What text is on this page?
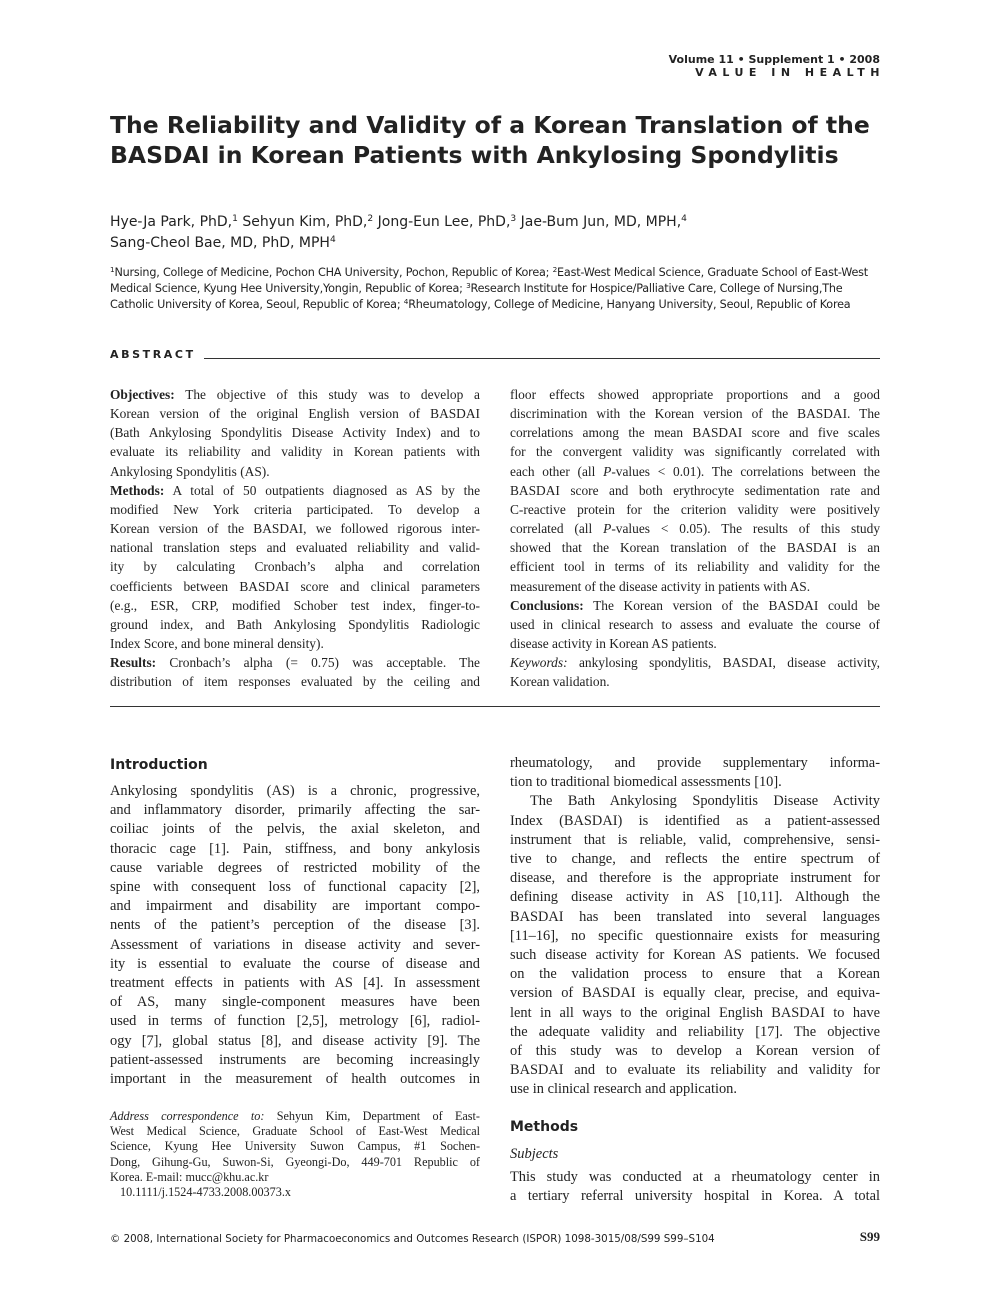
Volume 11 • Supplement 1 • 2008
VALUE IN HEALTH
The Reliability and Validity of a Korean Translation of the
BASDAI in Korean Patients with Ankylosing Spondylitis
Hye-Ja Park, PhD,$^1$ Sehyun Kim, PhD,$^2$ Jong-Eun Lee, PhD,$^3$ Jae-Bum Jun, MD, MPH,$^4$
Sang-Cheol Bae, MD, PhD, MPH$^4$
$^1$Nursing, College of Medicine, Pochon CHA University, Pochon, Republic of Korea; $^2$East-West Medical Science, Graduate School of East-West
Medical Science, Kyung Hee University,Yongin, Republic of Korea; $^3$Research Institute for Hospice/Palliative Care, College of Nursing,The
Catholic University of Korea, Seoul, Republic of Korea; $^4$Rheumatology, College of Medicine, Hanyang University, Seoul, Republic of Korea
ABSTRACT
Objectives: The objective of this study was to develop a
Korean version of the original English version of BASDAI
(Bath Ankylosing Spondylitis Disease Activity Index) and to
evaluate its reliability and validity in Korean patients with
Ankylosing Spondylitis (AS).
Methods: A total of 50 outpatients diagnosed as AS by the
modified New York criteria participated. To develop a
Korean version of the BASDAI, we followed rigorous inter-
national translation steps and evaluated reliability and valid-
ity by calculating Cronbach’s alpha and correlation
coefficients between BASDAI score and clinical parameters
(e.g., ESR, CRP, modified Schober test index, finger-to-
ground index, and Bath Ankylosing Spondylitis Radiologic
Index Score, and bone mineral density).
Results: Cronbach’s alpha (= 0.75) was acceptable. The
distribution of item responses evaluated by the ceiling and
floor effects showed appropriate proportions and a good
discrimination with the Korean version of the BASDAI. The
correlations among the mean BASDAI score and five scales
for the convergent validity was significantly correlated with
each other (all P-values < 0.01). The correlations between the
BASDAI score and both erythrocyte sedimentation rate and
C-reactive protein for the criterion validity were positively
correlated (all P-values < 0.05). The results of this study
showed that the Korean translation of the BASDAI is an
efficient tool in terms of its reliability and validity for the
measurement of the disease activity in patients with AS.
Conclusions: The Korean version of the BASDAI could be
used in clinical research to assess and evaluate the course of
disease activity in Korean AS patients.
Keywords: ankylosing spondylitis, BASDAI, disease activity,
Korean validation.
Introduction
Ankylosing spondylitis (AS) is a chronic, progressive,
and inflammatory disorder, primarily affecting the sar-
coiliac joints of the pelvis, the axial skeleton, and
thoracic cage [1]. Pain, stiffness, and bony ankylosis
cause variable degrees of restricted mobility of the
spine with consequent loss of functional capacity [2],
and impairment and disability are important compo-
nents of the patient’s perception of the disease [3].
Assessment of variations in disease activity and sever-
ity is essential to evaluate the course of disease and
treatment effects in patients with AS [4]. In assessment
of AS, many single-component measures have been
used in terms of function [2,5], metrology [6], radiol-
ogy [7], global status [8], and disease activity [9]. The
patient-assessed instruments are becoming increasingly
important in the measurement of health outcomes in
rheumatology, and provide supplementary informa-
tion to traditional biomedical assessments [10].
The Bath Ankylosing Spondylitis Disease Activity
Index (BASDAI) is identified as a patient-assessed
instrument that is reliable, valid, comprehensive, sensi-
tive to change, and reflects the entire spectrum of
disease, and therefore is the appropriate instrument for
defining disease activity in AS [10,11]. Although the
BASDAI has been translated into several languages
[11–16], no specific questionnaire exists for measuring
such disease activity for Korean AS patients. We focused
on the validation process to ensure that a Korean
version of BASDAI is equally clear, precise, and equiva-
lent in all ways to the original English BASDAI to have
the adequate validity and reliability [17]. The objective
of this study was to develop a Korean version of
BASDAI and to evaluate its reliability and validity for
use in clinical research and application.
Methods
Subjects
This study was conducted at a rheumatology center in
a tertiary referral university hospital in Korea. A total
Address correspondence to: Sehyun Kim, Department of East-
West Medical Science, Graduate School of East-West Medical
Science, Kyung Hee University Suwon Campus, #1 Sochen-
Dong, Gihung-Gu, Suwon-Si, Gyeongi-Do, 449-701 Republic of
Korea. E-mail: mucc@khu.ac.kr
10.1111/j.1524-4733.2008.00373.x
© 2008, International Society for Pharmacoeconomics and Outcomes Research (ISPOR) 1098-3015/08/S99 S99–S104	S99
